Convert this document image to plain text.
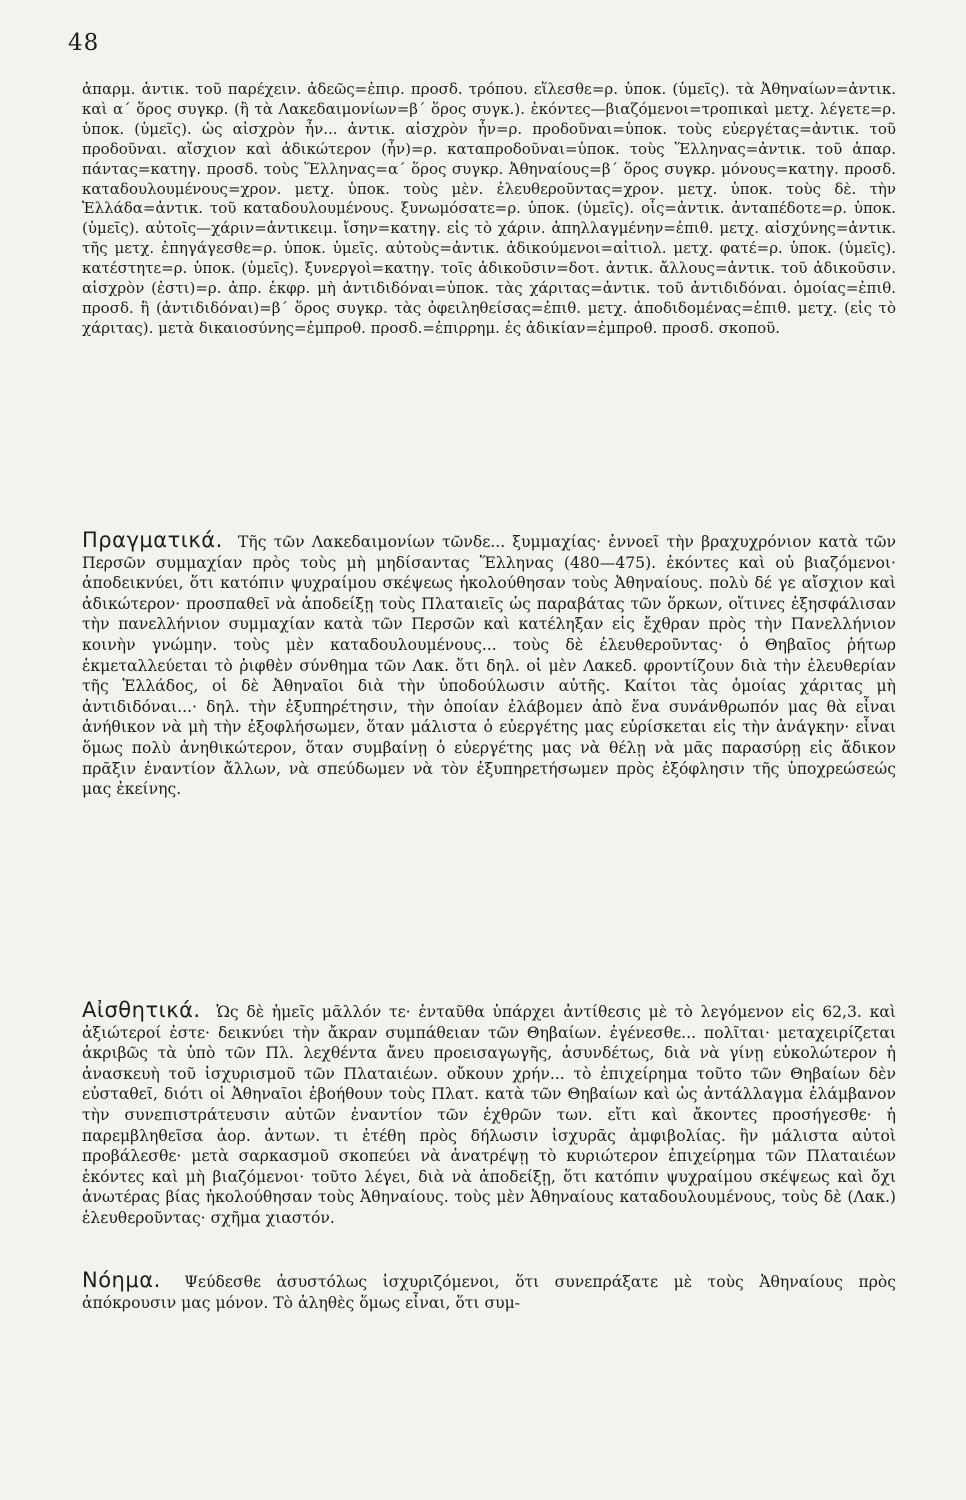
48
ἀπαρμ. ἀντικ. τοῦ παρέχειν. ἀδεῶς=ἐπιρ. προσδ. τρόπου. εἵλεσθε=ρ. ὑποκ. (ὑμεῖς). τὰ Ἀθηναίων=ἀντικ. καὶ α΄ ὅρος συγκρ. (ἢ τὰ Λακεδαιμονίων=β΄ ὅρος συγκ.). ἑκόντες—βιαζόμενοι=τροπικαὶ μετχ. λέγετε=ρ. ὑποκ. (ὑμεῖς). ὡς αἰσχρὸν ἦν... ἀντικ. αἰσχρὸν ἦν=ρ. προδοῦναι=ὑποκ. τοὺς εὐεργέτας=ἀντικ. τοῦ προδοῦναι. αἴσχιον καὶ ἀδικώτερον (ἦν)=ρ. καταπροδοῦναι=ὑποκ. τοὺς Ἕλληνας=ἀντικ. τοῦ ἀπαρ. πάντας=κατηγ. προσδ. τοὺς Ἕλληνας=α΄ ὅρος συγκρ. Ἀθηναίους=β΄ ὅρος συγκρ. μόνους=κατηγ. προσδ. καταδουλουμένους=χρον. μετχ. ὑποκ. τοὺς μὲν. ἐλευθεροῦντας=χρον. μετχ. ὑποκ. τοὺς δὲ. τὴν Ἑλλάδα=ἀντικ. τοῦ καταδουλουμένους. ξυνωμόσατε=ρ. ὑποκ. (ὑμεῖς). οἷς=ἀντικ. ἀνταπέδοτε=ρ. ὑποκ. (ὑμεῖς). αὐτοῖς—χάριν=ἀντικειμ. ἴσην=κατηγ. εἰς τὸ χάριν. ἀπηλλαγμένην=ἐπιθ. μετχ. αἰσχύνης=ἀντικ. τῆς μετχ. ἐπηγάγεσθε=ρ. ὑποκ. ὑμεῖς. αὐτοὺς=ἀντικ. ἀδικούμενοι=αἰτιολ. μετχ. φατέ=ρ. ὑποκ. (ὑμεῖς). κατέστητε=ρ. ὑποκ. (ὑμεῖς). ξυνεργοὶ=κατηγ. τοῖς ἀδικοῦσιν=δοτ. ἀντικ. ἄλλους=ἀντικ. τοῦ ἀδικοῦσιν. αἰσχρὸν (ἐστι)=ρ. ἀπρ. ἐκφρ. μὴ ἀντιδιδόναι=ὑποκ. τὰς χάριτας=ἀντικ. τοῦ ἀντιδιδόναι. ὁμοίας=ἐπιθ. προσδ. ἢ (ἀντιδιδόναι)=β΄ ὅρος συγκρ. τὰς ὀφειληθείσας=ἐπιθ. μετχ. ἀποδιδομένας=ἐπιθ. μετχ. (εἰς τὸ χάριτας). μετὰ δικαιοσύνης=ἐμπροθ. προσδ.=ἐπιρρημ. ἐς ἀδικίαν=ἐμπροθ. προσδ. σκοποῦ.

Πραγματικά. Τῆς τῶν Λακεδαιμονίων τῶνδε... ξυμμαχίας· ἐννοεῖ τὴν βραχυχρόνιον κατὰ τῶν Περσῶν συμμαχίαν πρὸς τοὺς μὴ μηδίσαντας Ἕλληνας (480—475). ἑκόντες καὶ οὐ βιαζόμενοι· ἀποδεικνύει, ὅτι κατόπιν ψυχραίμου σκέψεως ἠκολούθησαν τοὺς Ἀθηναίους. πολὺ δέ γε αἴσχιον καὶ ἀδικώτερον· προσπαθεῖ νὰ ἀποδείξῃ τοὺς Πλαταιεῖς ὡς παραβάτας τῶν ὅρκων, οἵτινες ἐξησφάλισαν τὴν πανελλήνιον συμμαχίαν κατὰ τῶν Περσῶν καὶ κατέληξαν εἰς ἔχθραν πρὸς τὴν Πανελλήνιον κοινὴν γνώμην. τοὺς μὲν καταδουλουμένους... τοὺς δὲ ἐλευθεροῦντας· ὁ Θηβαῖος ῥήτωρ ἐκμεταλλεύεται τὸ ῥιφθὲν σύνθημα τῶν Λακ. ὅτι δηλ. οἱ μὲν Λακεδ. φροντίζουν διὰ τὴν ἐλευθερίαν τῆς Ἑλλάδος, οἱ δὲ Ἀθηναῖοι διὰ τὴν ὑποδούλωσιν αὐτῆς. Καίτοι τὰς ὁμοίας χάριτας μὴ ἀντιδιδόναι...· δηλ. τὴν ἐξυπηρέτησιν, τὴν ὁποίαν ἐλάβομεν ἀπὸ ἕνα συνάνθρωπόν μας θὰ εἶναι ἀνήθικον νὰ μὴ τὴν ἐξοφλήσωμεν, ὅταν μάλιστα ὁ εὐεργέτης μας εὑρίσκεται εἰς τὴν ἀνάγκην· εἶναι ὅμως πολὺ ἀνηθικώτερον, ὅταν συμβαίνῃ ὁ εὐεργέτης μας νὰ θέλῃ νὰ μᾶς παρασύρῃ εἰς ἄδικον πρᾶξιν ἐναντίον ἄλλων, νὰ σπεύδωμεν νὰ τὸν ἐξυπηρετήσωμεν πρὸς ἐξόφλησιν τῆς ὑποχρεώσεώς μας ἐκείνης.

Αἰσθητικά. Ὡς δὲ ἡμεῖς μᾶλλόν τε· ἐνταῦθα ὑπάρχει ἀντίθεσις μὲ τὸ λεγόμενον εἰς 62,3. καὶ ἀξιώτεροί ἐστε· δεικνύει τὴν ἄκραν συμπάθειαν τῶν Θηβαίων. ἐγένεσθε... πολῖται· μεταχειρίζεται ἀκριβῶς τὰ ὑπὸ τῶν Πλ. λεχθέντα ἄνευ προεισαγωγῆς, ἀσυνδέτως, διὰ νὰ γίνῃ εὐκολώτερον ἡ ἀνασκευὴ τοῦ ἰσχυρισμοῦ τῶν Πλαταιέων. οὔκουν χρήν... τὸ ἐπιχείρημα τοῦτο τῶν Θηβαίων δὲν εὐσταθεῖ, διότι οἱ Ἀθηναῖοι ἐβοήθουν τοὺς Πλατ. κατὰ τῶν Θηβαίων καὶ ὡς ἀντάλλαγμα ἐλάμβανον τὴν συνεπιστράτευσιν αὐτῶν ἐναντίον τῶν ἐχθρῶν των. εἴτι καὶ ἄκοντες προσήγεσθε· ἡ παρεμβληθεῖσα ἀορ. ἀντων. τι ἐτέθη πρὸς δήλωσιν ἰσχυρᾶς ἀμφιβολίας. ἣν μάλιστα αὐτοὶ προβάλεσθε· μετὰ σαρκασμοῦ σκοπεύει νὰ ἀνατρέψῃ τὸ κυριώτερον ἐπιχείρημα τῶν Πλαταιέων ἑκόντες καὶ μὴ βιαζόμενοι· τοῦτο λέγει, διὰ νὰ ἀποδείξῃ, ὅτι κατόπιν ψυχραίμου σκέψεως καὶ ὄχι ἀνωτέρας βίας ἠκολούθησαν τοὺς Ἀθηναίους. τοὺς μὲν Ἀθηναίους καταδουλουμένους, τοὺς δὲ (Λακ.) ἐλευθεροῦντας· σχῆμα χιαστόν.

Νόημα. Ψεύδεσθε ἀσυστόλως ἰσχυριζόμενοι, ὅτι συνεπράξατε μὲ τοὺς Ἀθηναίους πρὸς ἀπόκρουσιν μας μόνον. Τὸ ἀληθὲς ὅμως εἶναι, ὅτι συμ-
